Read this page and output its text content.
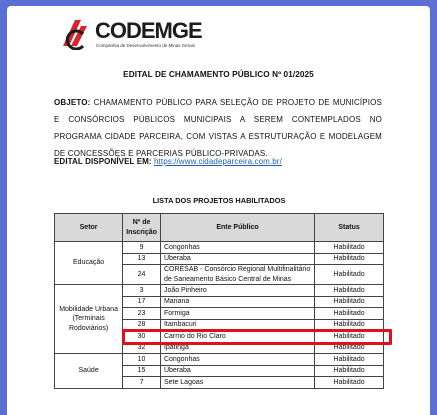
CODEMGE
Companhia de Desenvolvimento de Minas Gerais
EDITAL DE CHAMAMENTO PÚBLICO Nº 01/2025

OBJETO: CHAMAMENTO PÚBLICO PARA SELEÇÃO DE PROJETO DE MUNICÍPIOS E CONSÓRCIOS PÚBLICOS MUNICIPAIS A SEREM CONTEMPLADOS NO PROGRAMA CIDADE PARCEIRA, COM VISTAS A ESTRUTURAÇÃO E MODELAGEM DE CONCESSÕES E PARCERIAS PÚBLICO-PRIVADAS.

EDITAL DISPONÍVEL EM: https://www.cidadeparceira.com.br/

LISTA DOS PROJETOS HABILITADOS
Setor	Nº de Inscrição	Ente Público	Status
Educação	9	Congonhas	Habilitado
	13	Uberaba	Habilitado
	24	CORESAB - Consórcio Regional Multifinalitário de Saneamento Básico Central de Minas	Habilitado
Mobilidade Urbana (Terminais Rodoviários)	3	João Pinheiro	Habilitado
	17	Mariana	Habilitado
	23	Formiga	Habilitado
	28	Itambacuri	Habilitado
	30	Carmo do Rio Claro	Habilitado
	32	Ipatinga	Habilitado
Saúde	10	Congonhas	Habilitado
	15	Uberaba	Habilitado
	7	Sete Lagoas	Habilitado
